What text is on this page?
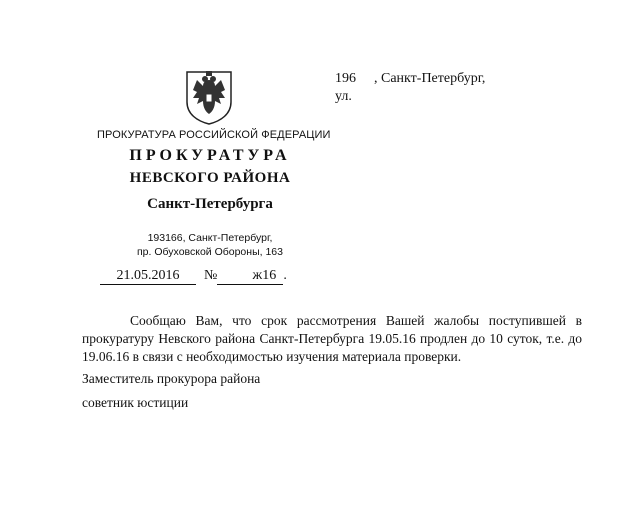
196 , Санкт-Петербург,
ул.
ПРОКУРАТУРА РОССИЙСКОЙ ФЕДЕРАЦИИ
ПРОКУРАТУРА
НЕВСКОГО РАЙОНА
Санкт-Петербурга
193166, Санкт-Петербург,
пр. Обуховской Обороны, 163
21.05.2016 №	ж16 .
Сообщаю Вам, что срок рассмотрения Вашей жалобы поступившей в прокуратуру Невского района Санкт-Петербурга 19.05.16 продлен до 10 суток, т.е. до 19.06.16 в связи с необходимостью изучения материала проверки.
Заместитель прокурора района
советник юстиции
